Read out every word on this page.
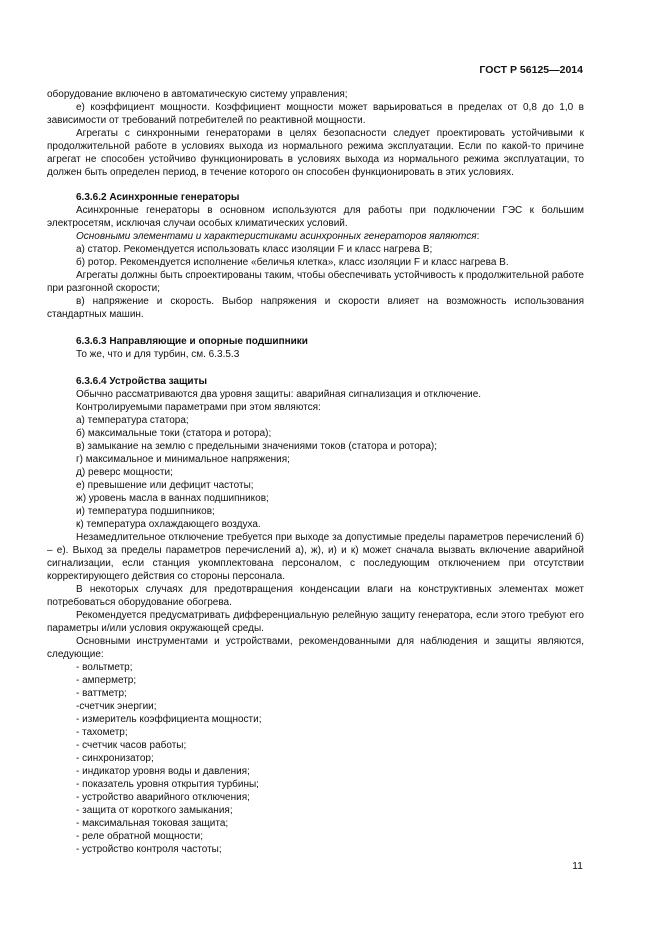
ГОСТ Р 56125—2014

оборудование включено в автоматическую систему управления;

е) коэффициент мощности. Коэффициент мощности может варьироваться в пределах от 0,8 до 1,0 в зависимости от требований потребителей по реактивной мощности.

Агрегаты с синхронными генераторами в целях безопасности следует проектировать устойчивыми к продолжительной работе в условиях выхода из нормального режима эксплуатации. Если по какой-то причине агрегат не способен устойчиво функционировать в условиях выхода из нормального режима эксплуатации, то должен быть определен период, в течение которого он способен функционировать в этих условиях.

6.3.6.2 Асинхронные генераторы

Асинхронные генераторы в основном используются для работы при подключении ГЭС к большим электросетям, исключая случаи особых климатических условий.

Основными элементами и характеристиками асинхронных генераторов являются:

а) статор. Рекомендуется использовать класс изоляции F и класс нагрева B;

б) ротор. Рекомендуется исполнение «беличья клетка», класс изоляции F и класс нагрева B.

Агрегаты должны быть спроектированы таким, чтобы обеспечивать устойчивость к продолжительной работе при разгонной скорости;

в) напряжение и скорость. Выбор напряжения и скорости влияет на возможность использования стандартных машин.

6.3.6.3 Направляющие и опорные подшипники

То же, что и для турбин, см. 6.3.5.3

6.3.6.4 Устройства защиты

Обычно рассматриваются два уровня защиты: аварийная сигнализация и отключение.

Контролируемыми параметрами при этом являются:

а) температура статора;
б) максимальные токи (статора и ротора);
в) замыкание на землю с предельными значениями токов (статора и ротора);
г) максимальное и минимальное напряжения;
д) реверс мощности;
е) превышение или дефицит частоты;
ж) уровень масла в ваннах подшипников;
и) температура подшипников;
к) температура охлаждающего воздуха.

Незамедлительное отключение требуется при выходе за допустимые пределы параметров перечислений б) – е). Выход за пределы параметров перечислений а), ж), и) и к) может сначала вызвать включение аварийной сигнализации, если станция укомплектована персоналом, с последующим отключением при отсутствии корректирующего действия со стороны персонала.

В некоторых случаях для предотвращения конденсации влаги на конструктивных элементах может потребоваться оборудование обогрева.

Рекомендуется предусматривать дифференциальную релейную защиту генератора, если этого требуют его параметры и/или условия окружающей среды.

Основными инструментами и устройствами, рекомендованными для наблюдения и защиты являются, следующие:

- вольтметр;
- амперметр;
- ваттметр;
-счетчик энергии;
- измеритель коэффициента мощности;
- тахометр;
- счетчик часов работы;
- синхронизатор;
- индикатор уровня воды и давления;
- показатель уровня открытия турбины;
- устройство аварийного отключения;
- защита от короткого замыкания;
- максимальная токовая защита;
- реле обратной мощности;
- устройство контроля частоты;
11
